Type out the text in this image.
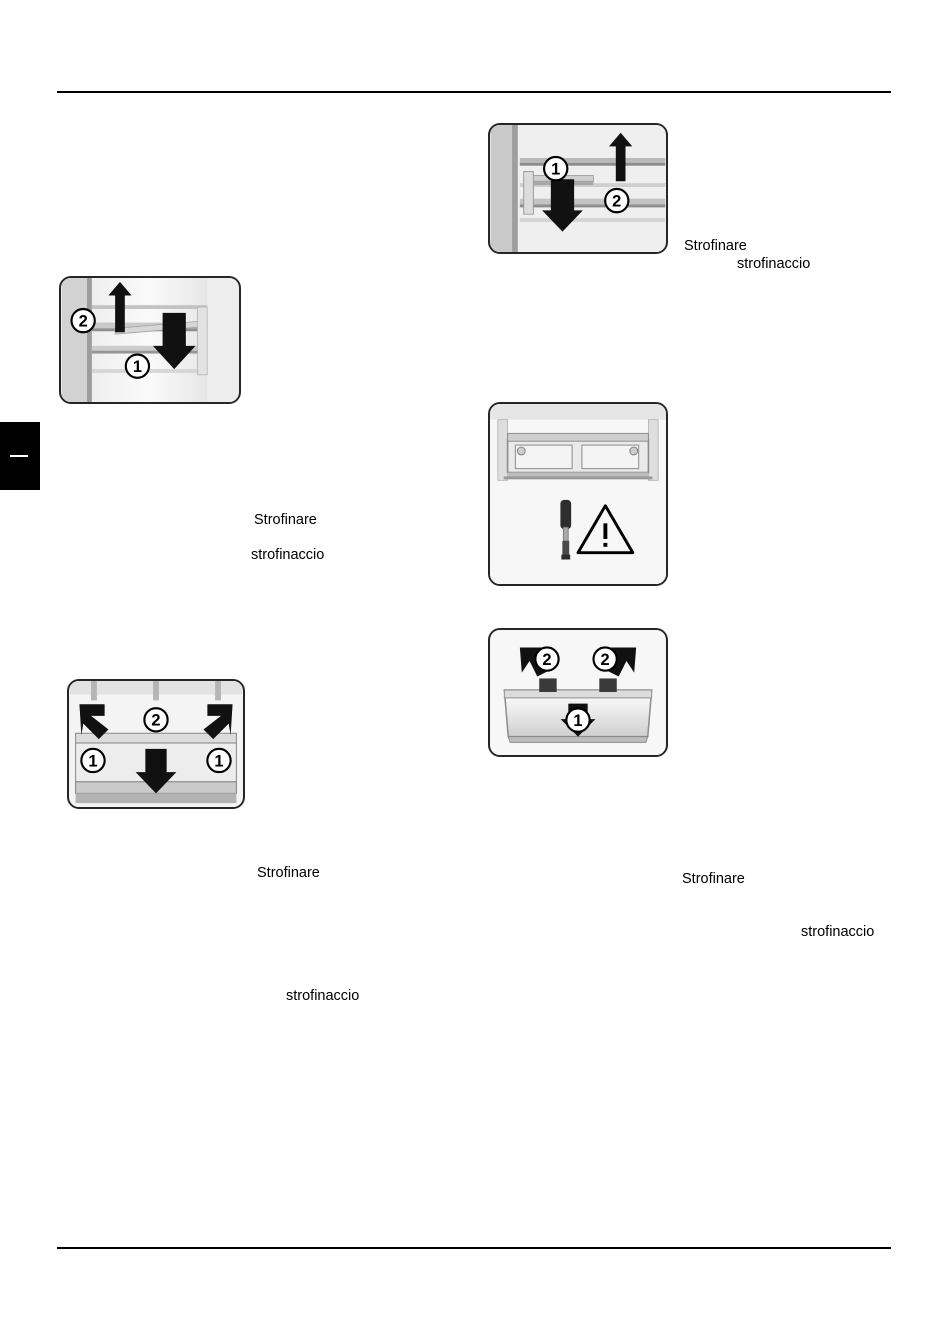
1
2
2
1
2	2
1
2
1	1
Strofinare
strofinaccio
Strofinare
strofinaccio
Strofinare	Strofinare
strofinaccio
strofinaccio
